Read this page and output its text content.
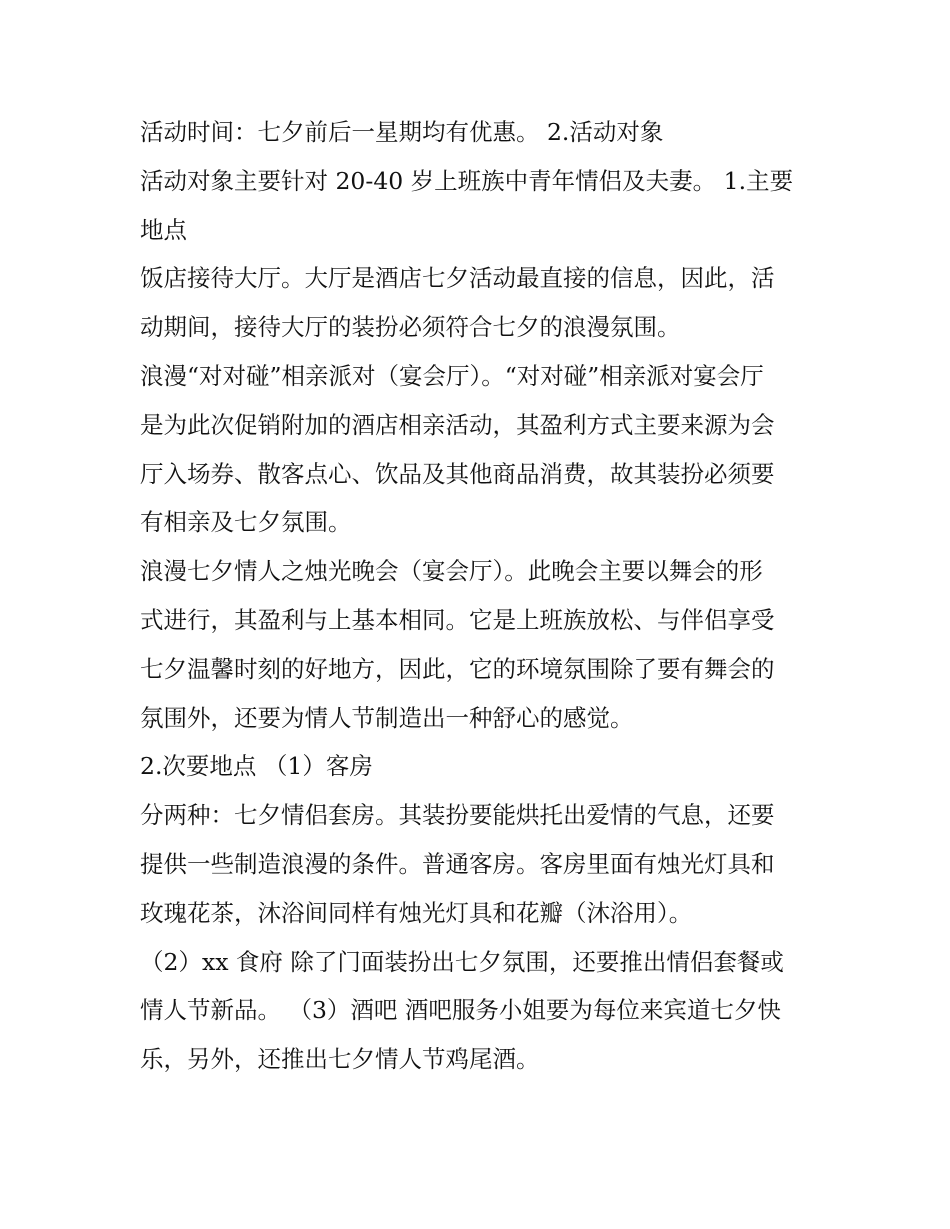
活动时间：七夕前后一星期均有优惠。 2.活动对象
活动对象主要针对 20-40 岁上班族中青年情侣及夫妻。 1.主要
地点
饭店接待大厅。大厅是酒店七夕活动最直接的信息，因此，活
动期间，接待大厅的装扮必须符合七夕的浪漫氛围。
浪漫“对对碰”相亲派对（宴会厅）。“对对碰”相亲派对宴会厅
是为此次促销附加的酒店相亲活动，其盈利方式主要来源为会
厅入场券、散客点心、饮品及其他商品消费，故其装扮必须要
有相亲及七夕氛围。
浪漫七夕情人之烛光晚会（宴会厅）。此晚会主要以舞会的形
式进行，其盈利与上基本相同。它是上班族放松、与伴侣享受
七夕温馨时刻的好地方，因此，它的环境氛围除了要有舞会的
氛围外，还要为情人节制造出一种舒心的感觉。
2.次要地点 （1）客房
分两种：七夕情侣套房。其装扮要能烘托出爱情的气息，还要
提供一些制造浪漫的条件。普通客房。客房里面有烛光灯具和
玫瑰花茶，沐浴间同样有烛光灯具和花瓣（沐浴用）。
（2）xx 食府 除了门面装扮出七夕氛围，还要推出情侣套餐或
情人节新品。 （3）酒吧 酒吧服务小姐要为每位来宾道七夕快
乐，另外，还推出七夕情人节鸡尾酒。
